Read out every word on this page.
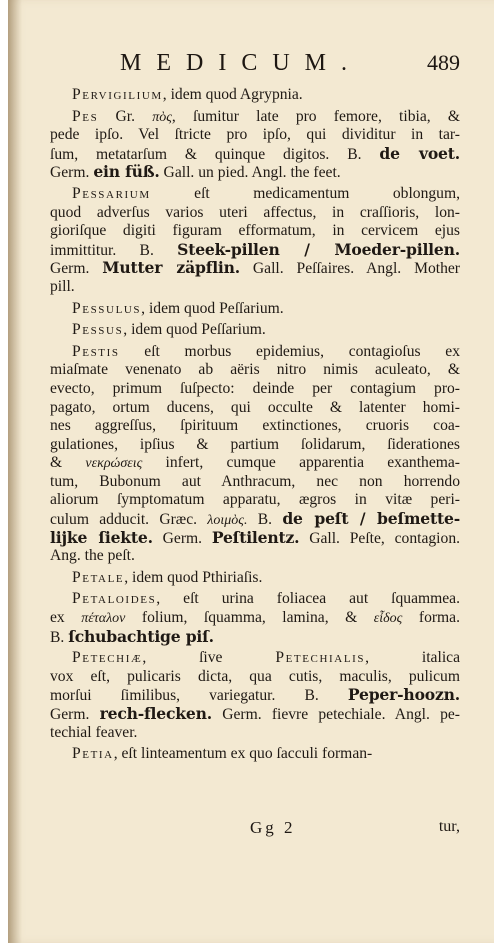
MEDICUM.	489
Pervigilium, idem quod Agrypnia.
Pes Gr. πὸς, ſumitur late pro femore, tibia, &
pede ipſo. Vel ſtricte pro ipſo, qui dividitur in tar-
ſum, metatarſum & quinque digitos. B. de voet.
Germ. ein füß. Gall. un pied. Angl. the feet.
Pessarium eſt medicamentum oblongum,
quod adverſus varios uteri affectus, in craſſioris, lon-
gioriſque digiti figuram efformatum, in cervicem ejus
immittitur. B. Steek-pillen / Moeder-pillen.
Germ. Mutter zäpflin. Gall. Peſſaires. Angl. Mother
pill.
Pessulus, idem quod Peſſarium.
Pessus, idem quod Peſſarium.
Pestis eſt morbus epidemius, contagioſus ex
miaſmate venenato ab aëris nitro nimis aculeato, &
evecto, primum ſuſpecto: deinde per contagium pro-
pagato, ortum ducens, qui occulte & latenter homi-
nes aggreſſus, ſpirituum extinctiones, cruoris coa-
gulationes, ipſius & partium ſolidarum, ſiderationes
& νεκρώσεις infert, cumque apparentia exanthema-
tum, Bubonum aut Anthracum, nec non horrendo
aliorum ſymptomatum apparatu, ægros in vitæ peri-
culum adducit. Græc. λοιμὸς. B. de peſt / beſmette-
lijke ſiekte. Germ. Peſtilentz. Gall. Peſte, contagion.
Ang. the peſt.
Petale, idem quod Pthiriaſis.
Petaloides, eſt urina foliacea aut ſquammea.
ex πέταλον folium, ſquamma, lamina, & εἶδος forma.
B. ſchubachtige piſ.
Petechiæ, ſive Petechialis, italica
vox eſt, pulicaris dicta, qua cutis, maculis, pulicum
morſui ſimilibus, variegatur. B. Peper-hoozn.
Germ. rech-flecken. Germ. fievre petechiale. Angl. pe-
techial feaver.
Petia, eſt linteamentum ex quo ſacculi forman-
Gg 2	tur,
